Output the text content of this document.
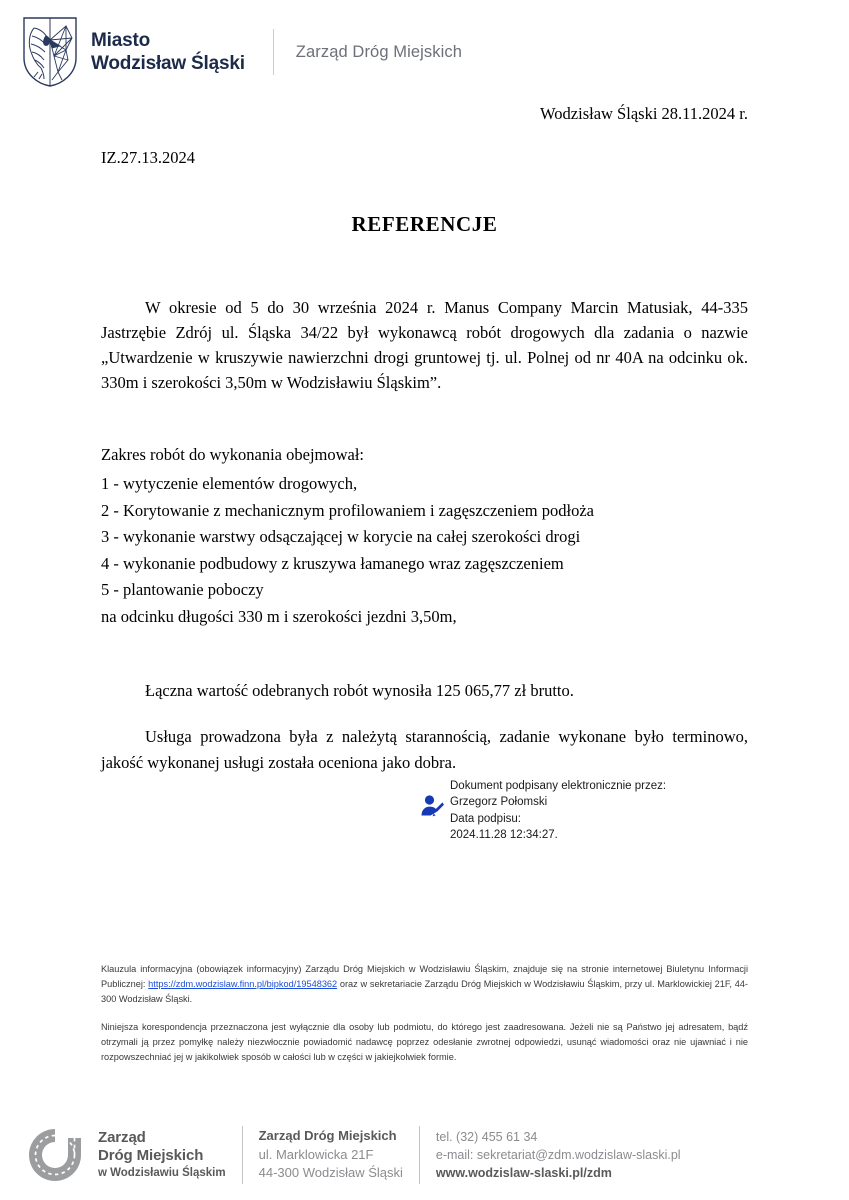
Miasto
Wodzisław Śląski
Zarząd Dróg Miejskich
Wodzisław Śląski 28.11.2024 r.
IZ.27.13.2024
REFERENCJE
W okresie od 5 do 30 września 2024 r. Manus Company Marcin Matusiak, 44-335 Jastrzębie Zdrój ul. Śląska 34/22 był wykonawcą robót drogowych dla zadania o nazwie „Utwardzenie w kruszywie nawierzchni drogi gruntowej tj. ul. Polnej od nr 40A na odcinku ok. 330m i szerokości 3,50m w Wodzisławiu Śląskim”.

Zakres robót do wykonania obejmował:

1 - wytyczenie elementów drogowych,

2 - Korytowanie z mechanicznym profilowaniem i zagęszczeniem podłoża

3 - wykonanie warstwy odsączającej w korycie na całej szerokości drogi

4 - wykonanie podbudowy z kruszywa łamanego wraz zagęszczeniem

5 - plantowanie poboczy

na odcinku długości 330 m i szerokości jezdni 3,50m,

Łączna wartość odebranych robót wynosiła 125 065,77 zł brutto.
Usługa prowadzona była z należytą starannością, zadanie wykonane było terminowo, jakość wykonanej usługi została oceniona jako dobra.
Dokument podpisany elektronicznie przez:
Grzegorz Połomski
Data podpisu:
2024.11.28 12:34:27.

Klauzula informacyjna (obowiązek informacyjny) Zarządu Dróg Miejskich w Wodzisławiu Śląskim, znajduje się na stronie internetowej Biuletynu Informacji Publicznej: https://zdm.wodzislaw.finn.pl/bipkod/19548362 oraz w sekretariacie Zarządu Dróg Miejskich w Wodzisławiu Śląskim, przy ul. Marklowickiej 21F, 44-300 Wodzisław Śląski.

Niniejsza korespondencja przeznaczona jest wyłącznie dla osoby lub podmiotu, do którego jest zaadresowana. Jeżeli nie są Państwo jej adresatem, bądź otrzymali ją przez pomyłkę należy niezwłocznie powiadomić nadawcę poprzez odesłanie zwrotnej odpowiedzi, usunąć wiadomości oraz nie ujawniać i nie rozpowszechniać jej w jakikolwiek sposób w całości lub w części w jakiejkolwiek formie.

Zarząd
Dróg Miejskich
w Wodzisławiu Śląskim
Zarząd Dróg Miejskich
ul. Marklowicka 21F
44-300 Wodzisław Śląski
tel. (32) 455 61 34
e-mail: sekretariat@zdm.wodzislaw-slaski.pl
www.wodzislaw-slaski.pl/zdm
